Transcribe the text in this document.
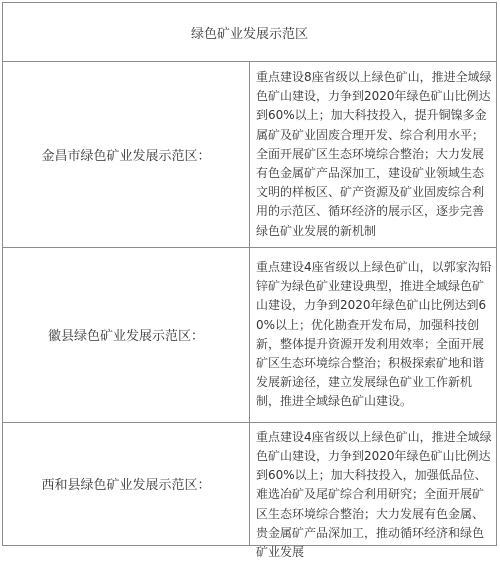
绿色矿业发展示范区	
金昌市绿色矿业发展示范区：	重点建设8座省级以上绿色矿山，推进全域绿色矿山建设，力争到2020年绿色矿山比例达到60%以上；加大科技投入，提升铜镍多金属矿及矿业固废合理开发、综合利用水平；全面开展矿区生态环境综合整治；大力发展有色金属矿产品深加工，建设矿业领域生态文明的样板区、矿产资源及矿业固废综合利用的示范区、循环经济的展示区，逐步完善绿色矿业发展的新机制

徽县绿色矿业发展示范区：	重点建设4座省级以上绿色矿山，以郭家沟铅锌矿为绿色矿业建设典型，推进全域绿色矿山建设，力争到2020年绿色矿山比例达到60%以上；优化勘查开发布局，加强科技创新，整体提升资源开发利用效率；全面开展矿区生态环境综合整治；积极探索矿地和谐发展新途径，建立发展绿色矿业工作新机制，推进全域绿色矿山建设。

西和县绿色矿业发展示范区：	重点建设4座省级以上绿色矿山，推进全域绿色矿山建设，力争到2020年绿色矿山比例达到60%以上；加大科技投入，加强低品位、难选冶矿及尾矿综合利用研究；全面开展矿区生态环境综合整治；大力发展有色金属、贵金属矿产品深加工，推动循环经济和绿色矿业发展
